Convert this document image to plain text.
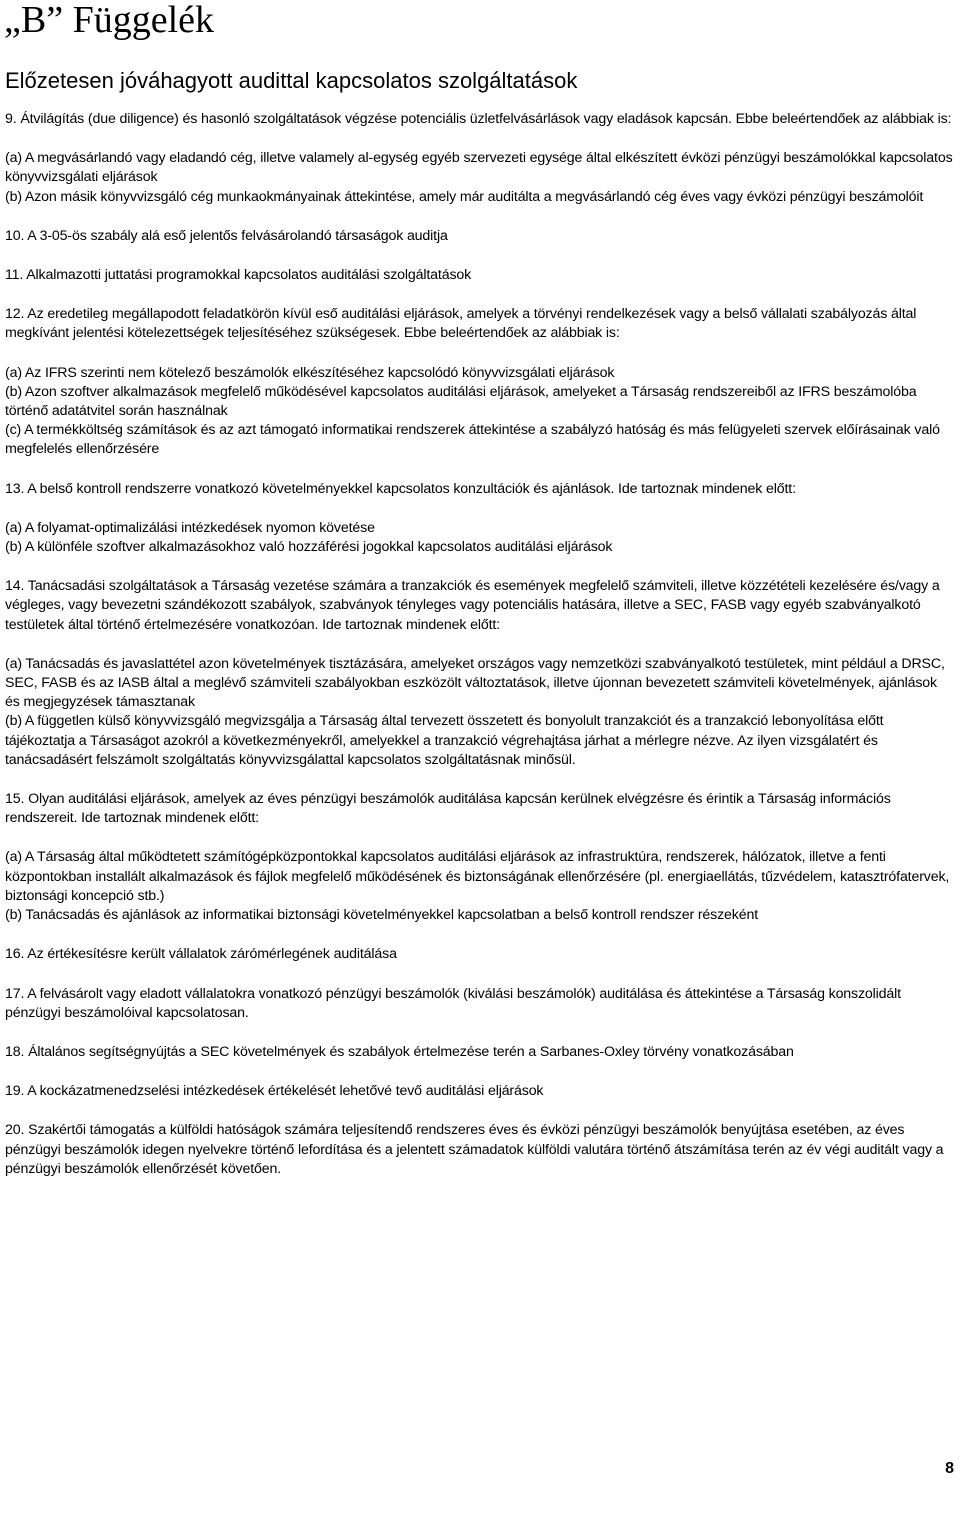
„B” Függelék
Előzetesen jóváhagyott audittal kapcsolatos szolgáltatások

9. Átvilágítás (due diligence) és hasonló szolgáltatások végzése potenciális üzletfelvásárlások vagy eladások kapcsán. Ebbe beleértendőek az alábbiak is:

(a) A megvásárlandó vagy eladandó cég, illetve valamely al-egység egyéb szervezeti egysége által elkészített évközi pénzügyi beszámolókkal kapcsolatos könyvvizsgálati eljárások

(b) Azon másik könyvvizsgáló cég munkaokmányainak áttekintése, amely már auditálta a megvásárlandó cég éves vagy évközi pénzügyi beszámolóit

10. A 3-05-ös szabály alá eső jelentős felvásárolandó társaságok auditja

11. Alkalmazotti juttatási programokkal kapcsolatos auditálási szolgáltatások

12. Az eredetileg megállapodott feladatkörön kívül eső auditálási eljárások, amelyek a törvényi rendelkezések vagy a belső vállalati szabályozás által megkívánt jelentési kötelezettségek teljesítéséhez szükségesek. Ebbe beleértendőek az alábbiak is:

(a) Az IFRS szerinti nem kötelező beszámolók elkészítéséhez kapcsolódó könyvvizsgálati eljárások

(b) Azon szoftver alkalmazások megfelelő működésével kapcsolatos auditálási eljárások, amelyeket a Társaság rendszereiből az IFRS beszámolóba történő adatátvitel során használnak

(c) A termékköltség számítások és az azt támogató informatikai rendszerek áttekintése a szabályzó hatóság és más felügyeleti szervek előírásainak való megfelelés ellenőrzésére

13. A belső kontroll rendszerre vonatkozó követelményekkel kapcsolatos konzultációk és ajánlások. Ide tartoznak mindenek előtt:

(a) A folyamat-optimalizálási intézkedések nyomon követése

(b) A különféle szoftver alkalmazásokhoz való hozzáférési jogokkal kapcsolatos auditálási eljárások

14. Tanácsadási szolgáltatások a Társaság vezetése számára a tranzakciók és események megfelelő számviteli, illetve közzétételi kezelésére és/vagy a végleges, vagy bevezetni szándékozott szabályok, szabványok tényleges vagy potenciális hatására, illetve a SEC, FASB vagy egyéb szabványalkotó testületek által történő értelmezésére vonatkozóan. Ide tartoznak mindenek előtt:

(a) Tanácsadás és javaslattétel azon követelmények tisztázására, amelyeket országos vagy nemzetközi szabványalkotó testületek, mint például a DRSC, SEC, FASB és az IASB által a meglévő számviteli szabályokban eszközölt változtatások, illetve újonnan bevezetett számviteli követelmények, ajánlások és megjegyzések támasztanak

(b) A független külső könyvvizsgáló megvizsgálja a Társaság által tervezett összetett és bonyolult tranzakciót és a tranzakció lebonyolítása előtt tájékoztatja a Társaságot azokról a következményekről, amelyekkel a tranzakció végrehajtása járhat a mérlegre nézve. Az ilyen vizsgálatért és tanácsadásért felszámolt szolgáltatás könyvvizsgálattal kapcsolatos szolgáltatásnak minősül.

15. Olyan auditálási eljárások, amelyek az éves pénzügyi beszámolók auditálása kapcsán kerülnek elvégzésre és érintik a Társaság információs rendszereit. Ide tartoznak mindenek előtt:

(a) A Társaság által működtetett számítógépközpontokkal kapcsolatos auditálási eljárások az infrastruktúra, rendszerek, hálózatok, illetve a fenti központokban installált alkalmazások és fájlok megfelelő működésének és biztonságának ellenőrzésére (pl. energiaellátás, tűzvédelem, katasztrófatervek, biztonsági koncepció stb.)

(b) Tanácsadás és ajánlások az informatikai biztonsági követelményekkel kapcsolatban a belső kontroll rendszer részeként

16. Az értékesítésre került vállalatok zárómérlegének auditálása

17. A felvásárolt vagy eladott vállalatokra vonatkozó pénzügyi beszámolók (kiválási beszámolók) auditálása és áttekintése a Társaság konszolidált pénzügyi beszámolóival kapcsolatosan.

18. Általános segítségnyújtás a SEC követelmények és szabályok értelmezése terén a Sarbanes-Oxley törvény vonatkozásában

19. A kockázatmenedzselési intézkedések értékelését lehetővé tevő auditálási eljárások

20. Szakértői támogatás a külföldi hatóságok számára teljesítendő rendszeres éves és évközi pénzügyi beszámolók benyújtása esetében, az éves pénzügyi beszámolók idegen nyelvekre történő lefordítása és a jelentett számadatok külföldi valutára történő átszámítása terén az év végi auditált vagy a pénzügyi beszámolók ellenőrzését követően.

8
